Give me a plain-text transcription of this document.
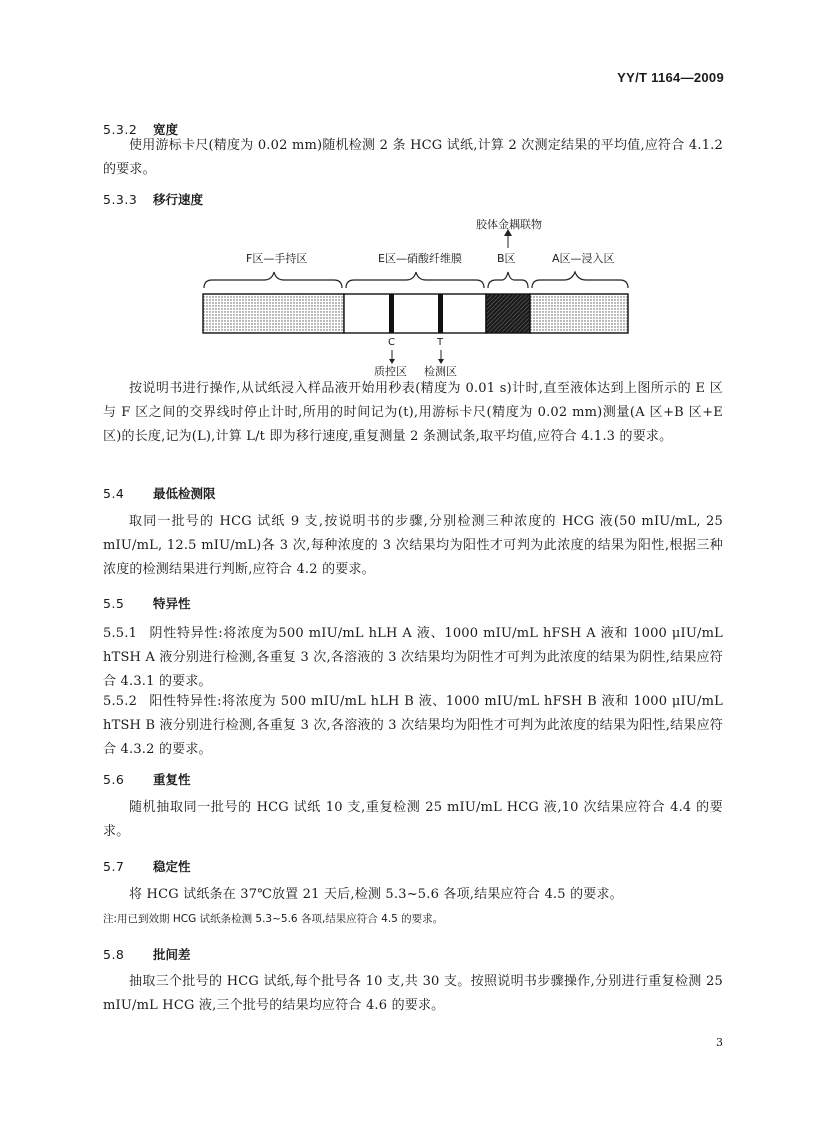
YY/T 1164—2009
5.3.2 宽度
使用游标卡尺(精度为 0.02 mm)随机检测 2 条 HCG 试纸,计算 2 次测定结果的平均值,应符合 4.1.2 的要求。
5.3.3 移行速度
胶体金耦联物
F区—手持区	E区—硝酸纤维膜	B区	A区—浸入区
C	T
质控区 检测区
按说明书进行操作,从试纸浸入样品液开始用秒表(精度为 0.01 s)计时,直至液体达到上图所示的 E 区与 F 区之间的交界线时停止计时,所用的时间记为(t),用游标卡尺(精度为 0.02 mm)测量(A 区+B 区+E 区)的长度,记为(L),计算 L/t 即为移行速度,重复测量 2 条测试条,取平均值,应符合 4.1.3 的要求。
5.4 最低检测限
取同一批号的 HCG 试纸 9 支,按说明书的步骤,分别检测三种浓度的 HCG 液(50 mIU/mL, 25 mIU/mL, 12.5 mIU/mL)各 3 次,每种浓度的 3 次结果均为阳性才可判为此浓度的结果为阳性,根据三种浓度的检测结果进行判断,应符合 4.2 的要求。
5.5 特异性
5.5.1 阴性特异性:将浓度为500 mIU/mL hLH A 液、1000 mIU/mL hFSH A 液和 1000 μIU/mL hTSH A 液分别进行检测,各重复 3 次,各溶液的 3 次结果均为阴性才可判为此浓度的结果为阴性,结果应符合 4.3.1 的要求。
5.5.2 阳性特异性:将浓度为 500 mIU/mL hLH B 液、1000 mIU/mL hFSH B 液和 1000 μIU/mL hTSH B 液分别进行检测,各重复 3 次,各溶液的 3 次结果均为阳性才可判为此浓度的结果为阳性,结果应符合 4.3.2 的要求。
5.6 重复性
随机抽取同一批号的 HCG 试纸 10 支,重复检测 25 mIU/mL HCG 液,10 次结果应符合 4.4 的要求。
5.7 稳定性
将 HCG 试纸条在 37℃放置 21 天后,检测 5.3~5.6 各项,结果应符合 4.5 的要求。
注:用已到效期 HCG 试纸条检测 5.3~5.6 各项,结果应符合 4.5 的要求。
5.8 批间差
抽取三个批号的 HCG 试纸,每个批号各 10 支,共 30 支。按照说明书步骤操作,分别进行重复检测 25 mIU/mL HCG 液,三个批号的结果均应符合 4.6 的要求。
3
